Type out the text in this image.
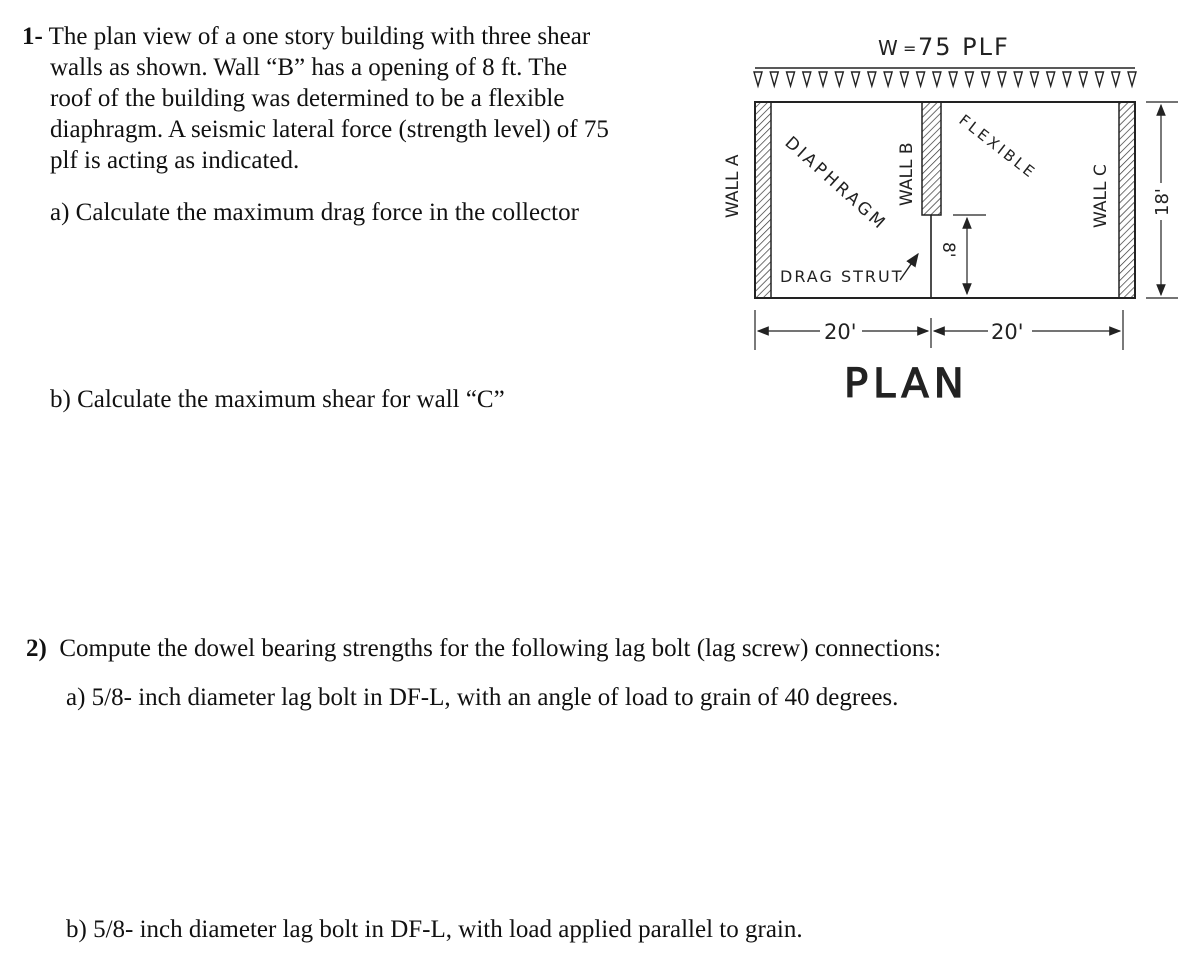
1- The plan view of a one story building with three shear
walls as shown. Wall “B” has a opening of 8 ft. The
roof of the building was determined to be a flexible
diaphragm. A seismic lateral force (strength level) of 75
plf is acting as indicated.
a) Calculate the maximum drag force in the collector
b) Calculate the maximum shear for wall “C”
2) Compute the dowel bearing strengths for the following lag bolt (lag screw) connections:
a) 5/8- inch diameter lag bolt in DF-L, with an angle of load to grain of 40 degrees.
b) 5/8- inch diameter lag bolt in DF-L, with load applied parallel to grain.
W = 75 PLF
WALL A	WALL B	WALL C
DIAPHRAGM	FLEXIBLE
DRAG STRUT
8'
18'
20'	20'
PLAN
